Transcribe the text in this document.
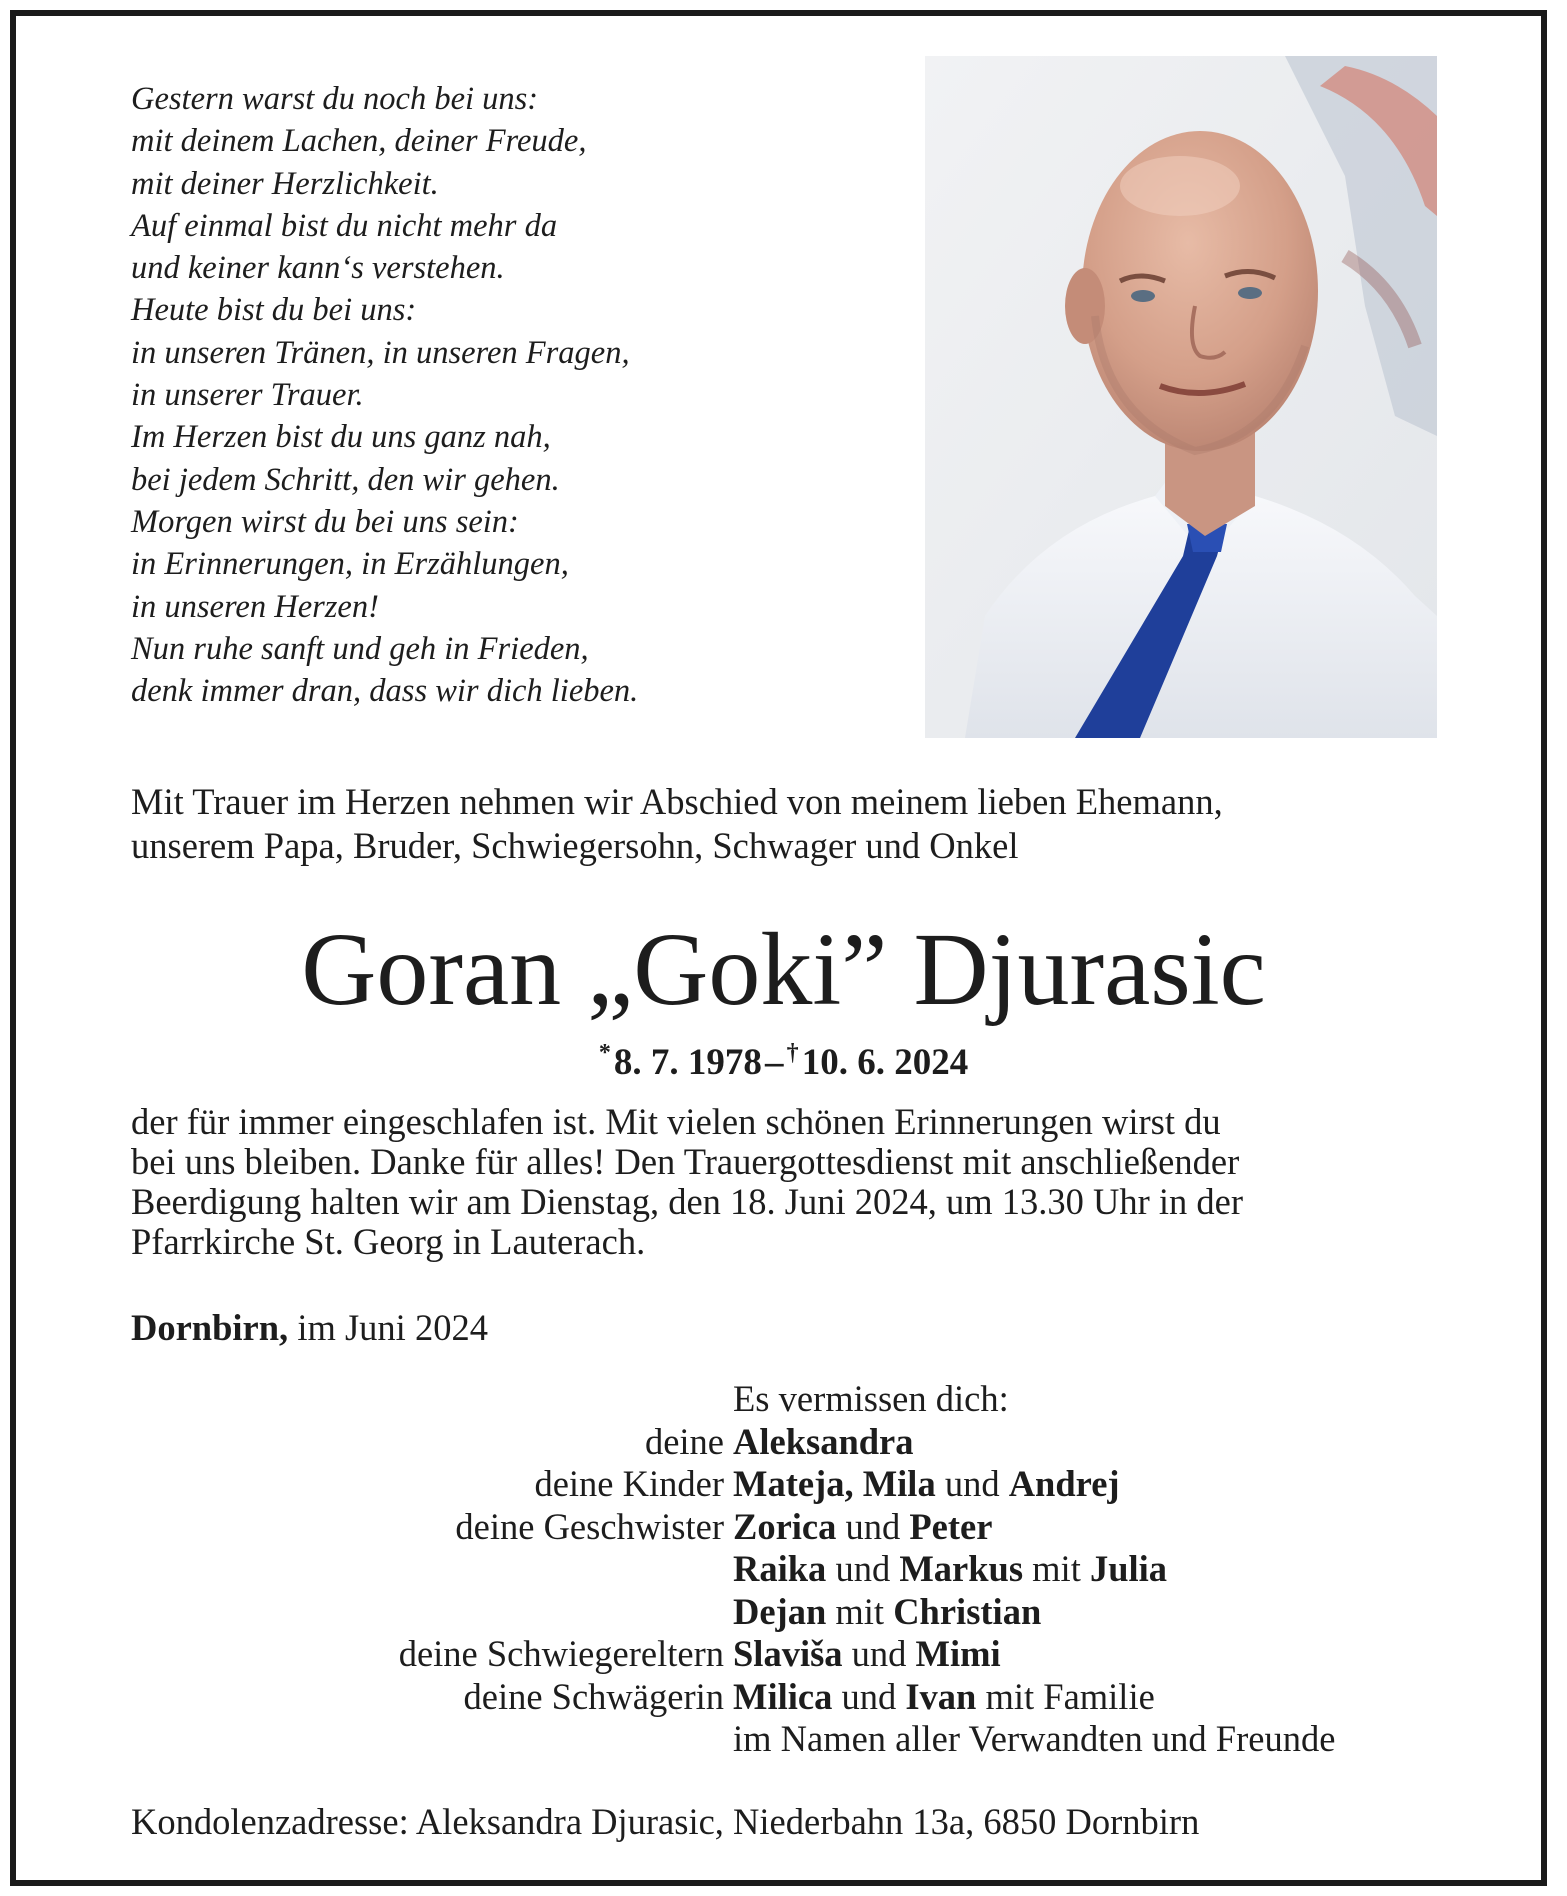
Gestern warst du noch bei uns:
mit deinem Lachen, deiner Freude,
mit deiner Herzlichkeit.
Auf einmal bist du nicht mehr da
und keiner kann‘s verstehen.
Heute bist du bei uns:
in unseren Tränen, in unseren Fragen,
in unserer Trauer.
Im Herzen bist du uns ganz nah,
bei jedem Schritt, den wir gehen.
Morgen wirst du bei uns sein:
in Erinnerungen, in Erzählungen,
in unseren Herzen!
Nun ruhe sanft und geh in Frieden,
denk immer dran, dass wir dich lieben.
Mit Trauer im Herzen nehmen wir Abschied von meinem lieben Ehemann,
unserem Papa, Bruder, Schwiegersohn, Schwager und Onkel
Goran „Goki” Djurasic
* 8. 7. 1978 –  † 10. 6. 2024
der für immer eingeschlafen ist. Mit vielen schönen Erinnerungen wirst du
bei uns bleiben. Danke für alles! Den Trauergottesdienst mit anschließender
Beerdigung halten wir am Dienstag, den 18. Juni 2024, um 13.30 Uhr in der
Pfarrkirche St. Georg in Lauterach.
Dornbirn, im Juni 2024
Es vermissen dich:
deine Aleksandra
deine Kinder Mateja, Mila und Andrej
deine Geschwister Zorica und Peter
Raika und Markus mit Julia
Dejan mit Christian
deine Schwiegereltern Slaviša und Mimi
deine Schwägerin Milica und Ivan mit Familie
im Namen aller Verwandten und Freunde
Kondolenzadresse: Aleksandra Djurasic, Niederbahn 13a, 6850 Dornbirn
